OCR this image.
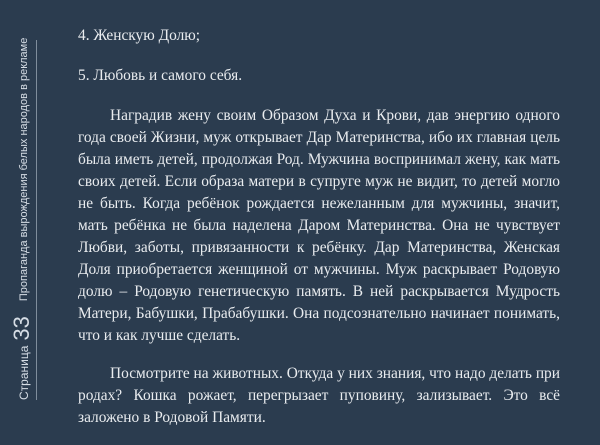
Страница
33
Пропаганда вырождения белых народов в рекламе

4. Женскую Долю;

5. Любовь и самого себя.

Наградив жену своим Образом Духа и Крови, дав энергию одного года своей Жизни, муж открывает Дар Материнства, ибо их главная цель была иметь детей, продолжая Род. Мужчина воспринимал жену, как мать своих детей. Если образа матери в супруге муж не видит, то детей могло не быть. Когда ребёнок рождается нежеланным для мужчины, значит, мать ребёнка не была наделена Даром Материнства. Она не чувствует Любви, заботы, привязанности к ребёнку. Дар Материнства, Женская Доля приобретается женщиной от мужчины. Муж раскрывает Родовую долю – Родовую генетическую память. В ней раскрывается Мудрость Матери, Бабушки, Прабабушки. Она подсознательно начинает понимать, что и как лучше сделать.

Посмотрите на животных. Откуда у них знания, что надо делать при родах? Кошка рожает, перегрызает пуповину, зализывает. Это всё заложено в Родовой Памяти.
